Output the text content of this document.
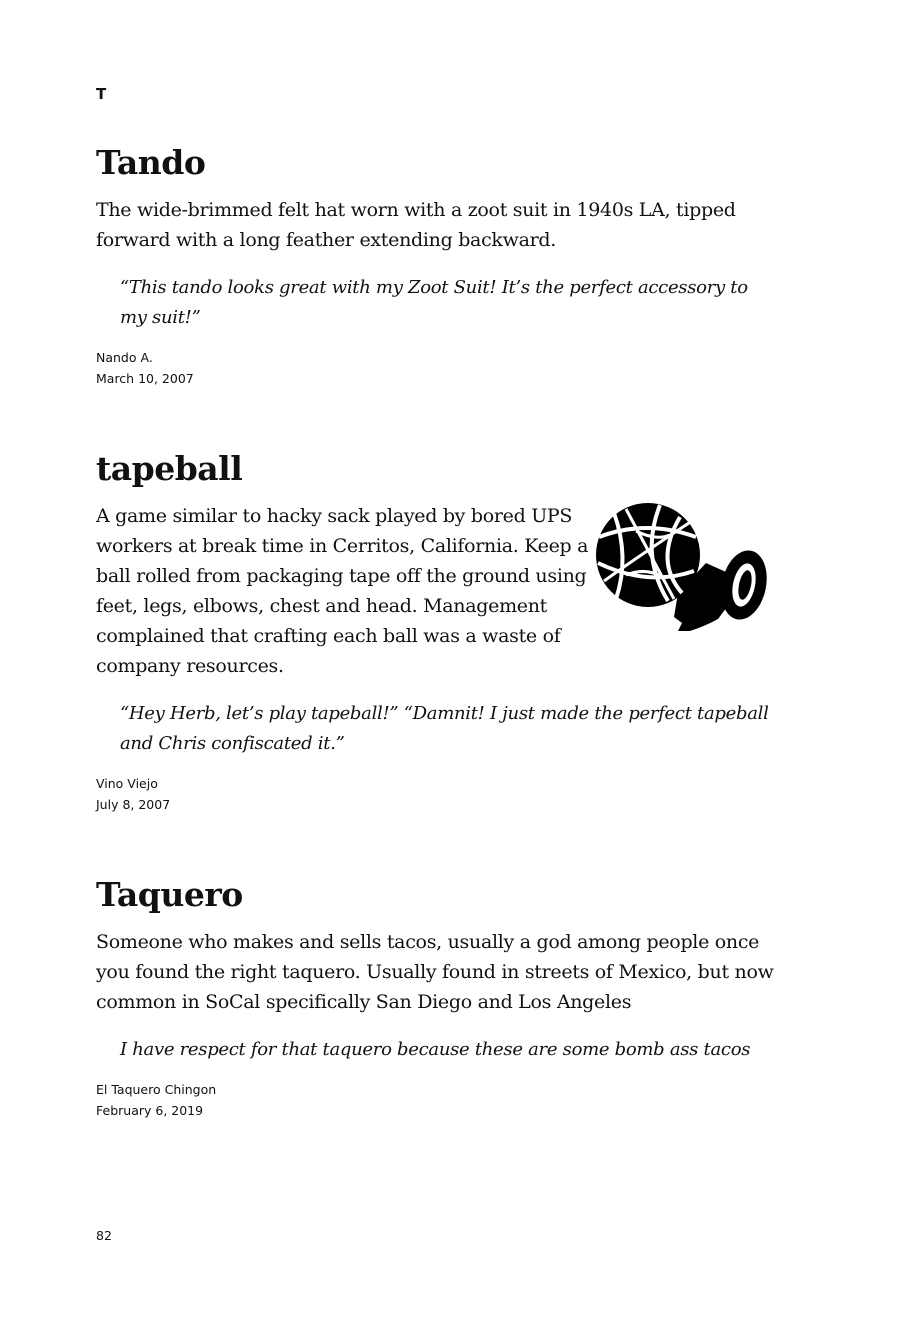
T
Tando

The wide-brimmed felt hat worn with a zoot suit in 1940s LA, tipped forward with a long feather extending backward.

“This tando looks great with my Zoot Suit! It’s the perfect accessory to my suit!”

Nando A.
March 10, 2007
tapeball

A game similar to hacky sack played by bored UPS workers at break time in Cerritos, California. Keep a ball rolled from packaging tape off the ground using feet, legs, elbows, chest and head. Management complained that crafting each ball was a waste of company resources.

“Hey Herb, let’s play tapeball!” “Damnit! I just made the perfect tapeball and Chris confiscated it.”

Vino Viejo
July 8, 2007
Taquero

Someone who makes and sells tacos, usually a god among people once you found the right taquero. Usually found in streets of Mexico, but now common in SoCal specifically San Diego and Los Angeles

I have respect for that taquero because these are some bomb ass tacos

El Taquero Chingon
February 6, 2019
82
